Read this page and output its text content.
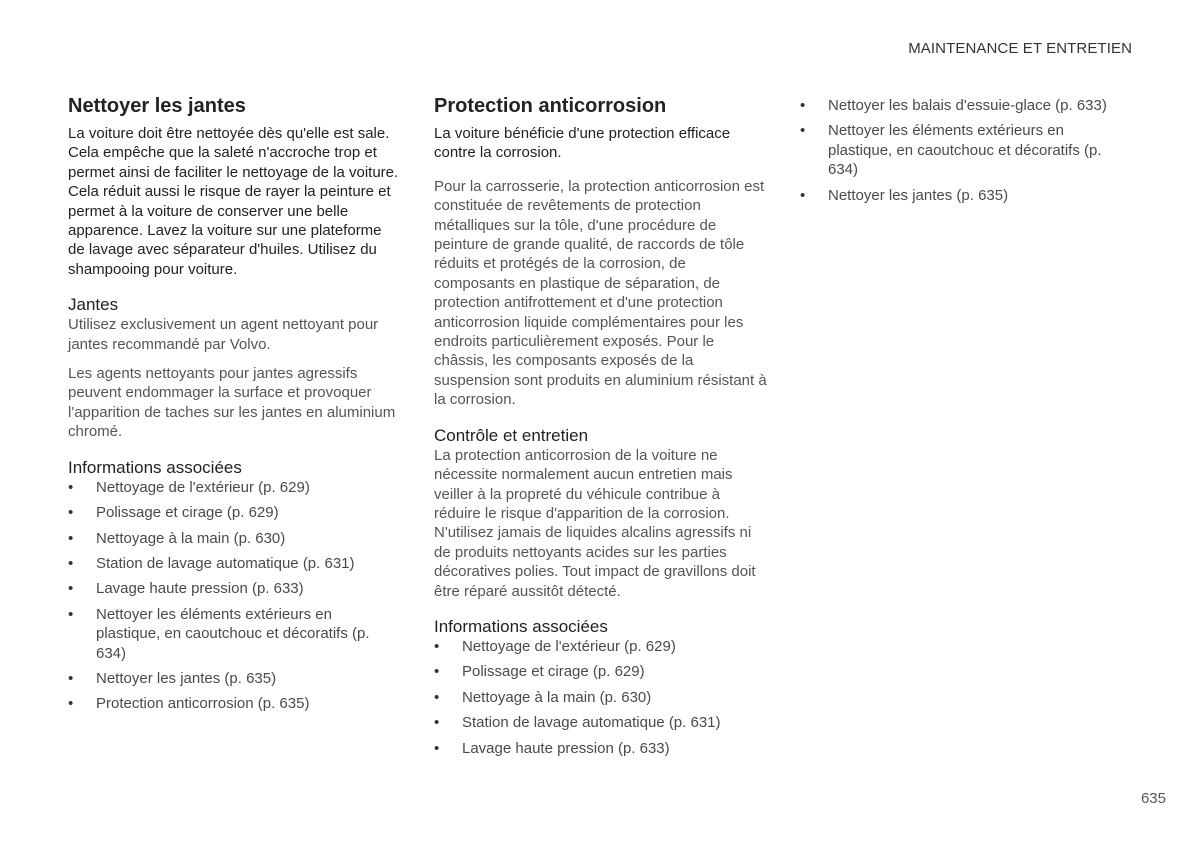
MAINTENANCE ET ENTRETIEN
Nettoyer les jantes

La voiture doit être nettoyée dès qu'elle est sale. Cela empêche que la saleté n'accroche trop et permet ainsi de faciliter le nettoyage de la voiture. Cela réduit aussi le risque de rayer la peinture et permet à la voiture de conserver une belle apparence. Lavez la voiture sur une plateforme de lavage avec séparateur d'huiles. Utilisez du shampooing pour voiture.

Jantes

Utilisez exclusivement un agent nettoyant pour jantes recommandé par Volvo.

Les agents nettoyants pour jantes agressifs peuvent endommager la surface et provoquer l'apparition de taches sur les jantes en aluminium chromé.

Informations associées
• Nettoyage de l'extérieur (p. 629)
• Polissage et cirage (p. 629)
• Nettoyage à la main (p. 630)
• Station de lavage automatique (p. 631)
• Lavage haute pression (p. 633)
• Nettoyer les éléments extérieurs en plastique, en caoutchouc et décoratifs (p. 634)
• Nettoyer les jantes (p. 635)
• Protection anticorrosion (p. 635)
Protection anticorrosion

La voiture bénéficie d'une protection efficace contre la corrosion.

Pour la carrosserie, la protection anticorrosion est constituée de revêtements de protection métalliques sur la tôle, d'une procédure de peinture de grande qualité, de raccords de tôle réduits et protégés de la corrosion, de composants en plastique de séparation, de protection antifrottement et d'une protection anticorrosion liquide complémentaires pour les endroits particulièrement exposés. Pour le châssis, les composants exposés de la suspension sont produits en aluminium résistant à la corrosion.

Contrôle et entretien

La protection anticorrosion de la voiture ne nécessite normalement aucun entretien mais veiller à la propreté du véhicule contribue à réduire le risque d'apparition de la corrosion. N'utilisez jamais de liquides alcalins agressifs ni de produits nettoyants acides sur les parties décoratives polies. Tout impact de gravillons doit être réparé aussitôt détecté.

Informations associées
• Nettoyage de l'extérieur (p. 629)
• Polissage et cirage (p. 629)
• Nettoyage à la main (p. 630)
• Station de lavage automatique (p. 631)
• Lavage haute pression (p. 633)
• Nettoyer les balais d'essuie-glace (p. 633)
• Nettoyer les éléments extérieurs en plastique, en caoutchouc et décoratifs (p. 634)
• Nettoyer les jantes (p. 635)
635
